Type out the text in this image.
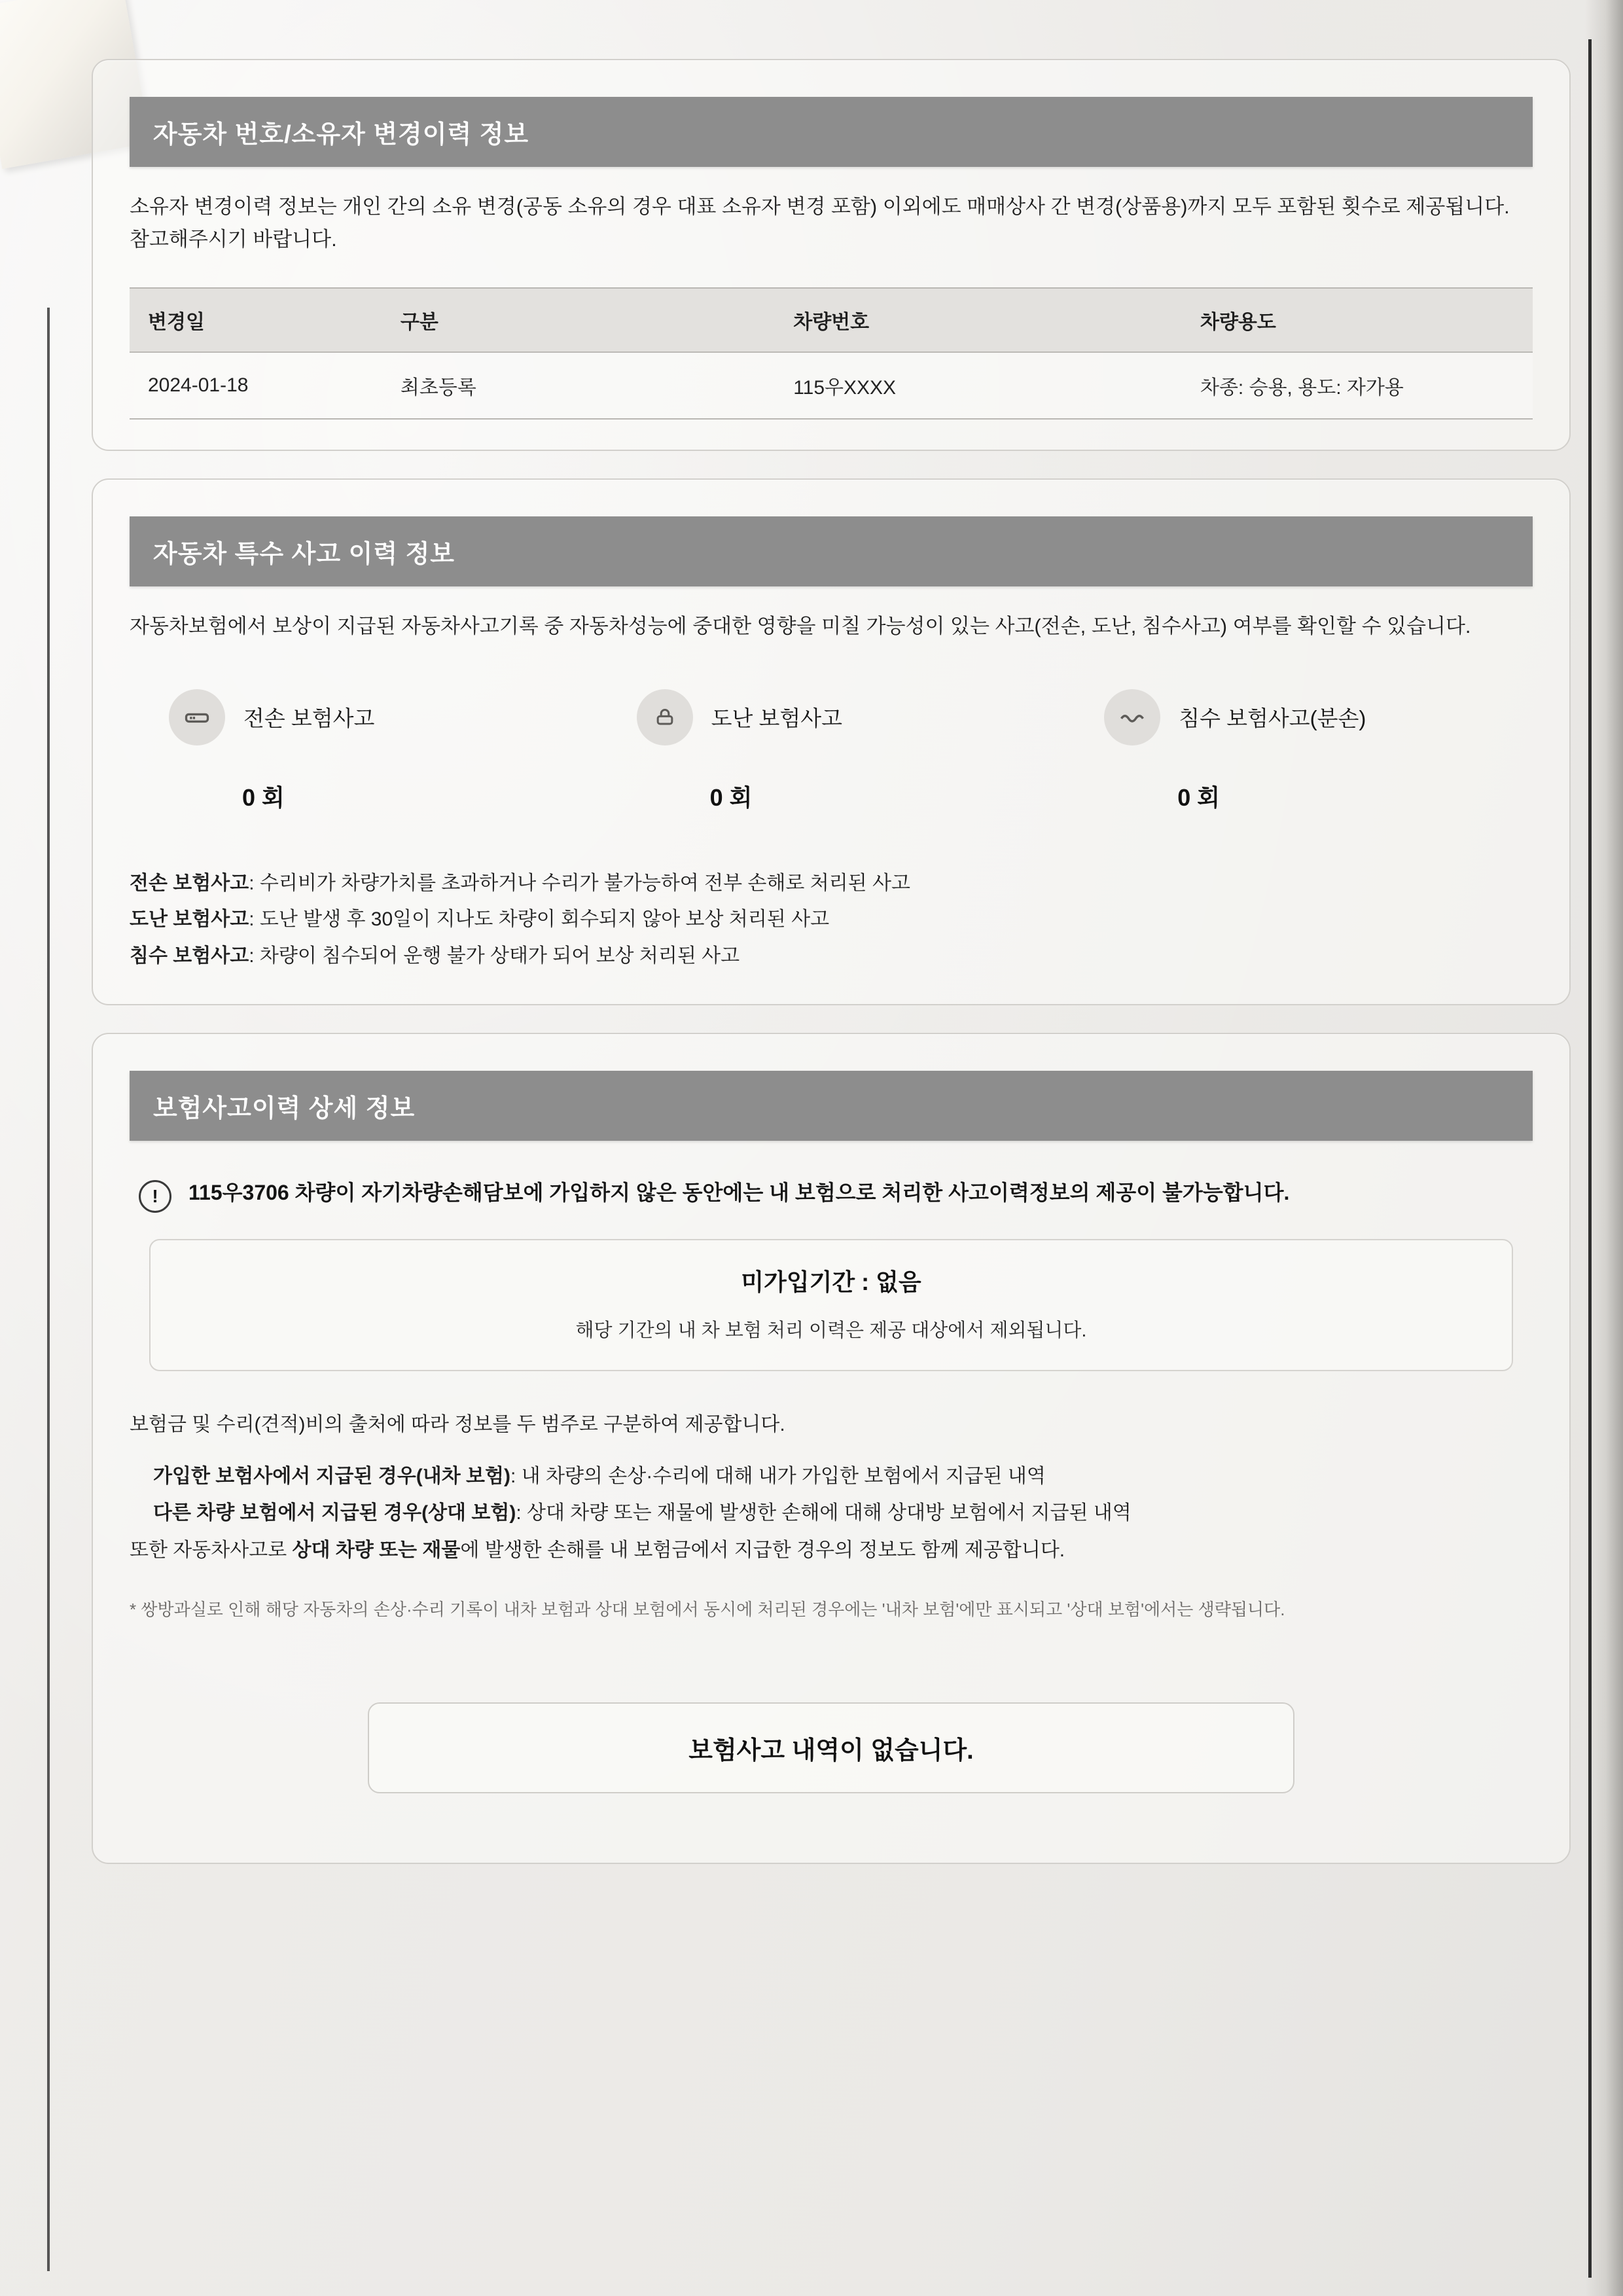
자동차 번호/소유자 변경이력 정보
소유자 변경이력 정보는 개인 간의 소유 변경(공동 소유의 경우 대표 소유자 변경 포함) 이외에도 매매상사 간 변경(상품용)까지 모두 포함된 횟수로 제공됩니다. 참고해주시기 바랍니다.
변경일	구분	차량번호	차량용도
2024-01-18	최초등록	115우XXXX	차종: 승용, 용도: 자가용
자동차 특수 사고 이력 정보
자동차보험에서 보상이 지급된 자동차사고기록 중 자동차성능에 중대한 영향을 미칠 가능성이 있는 사고(전손, 도난, 침수사고) 여부를 확인할 수 있습니다.
전손 보험사고
0 회
도난 보험사고
0 회
침수 보험사고(분손)
0 회
전손 보험사고: 수리비가 차량가치를 초과하거나 수리가 불가능하여 전부 손해로 처리된 사고
도난 보험사고: 도난 발생 후 30일이 지나도 차량이 회수되지 않아 보상 처리된 사고
침수 보험사고: 차량이 침수되어 운행 불가 상태가 되어 보상 처리된 사고
보험사고이력 상세 정보
!	115우3706 차량이 자기차량손해담보에 가입하지 않은 동안에는 내 보험으로 처리한 사고이력정보의 제공이 불가능합니다.
미가입기간 : 없음
해당 기간의 내 차 보험 처리 이력은 제공 대상에서 제외됩니다.
보험금 및 수리(견적)비의 출처에 따라 정보를 두 범주로 구분하여 제공합니다.
가입한 보험사에서 지급된 경우(내차 보험): 내 차량의 손상·수리에 대해 내가 가입한 보험에서 지급된 내역
다른 차량 보험에서 지급된 경우(상대 보험): 상대 차량 또는 재물에 발생한 손해에 대해 상대방 보험에서 지급된 내역
또한 자동차사고로 상대 차량 또는 재물에 발생한 손해를 내 보험금에서 지급한 경우의 정보도 함께 제공합니다.
* 쌍방과실로 인해 해당 자동차의 손상·수리 기록이 내차 보험과 상대 보험에서 동시에 처리된 경우에는 '내차 보험'에만 표시되고 '상대 보험'에서는 생략됩니다.
보험사고 내역이 없습니다.
